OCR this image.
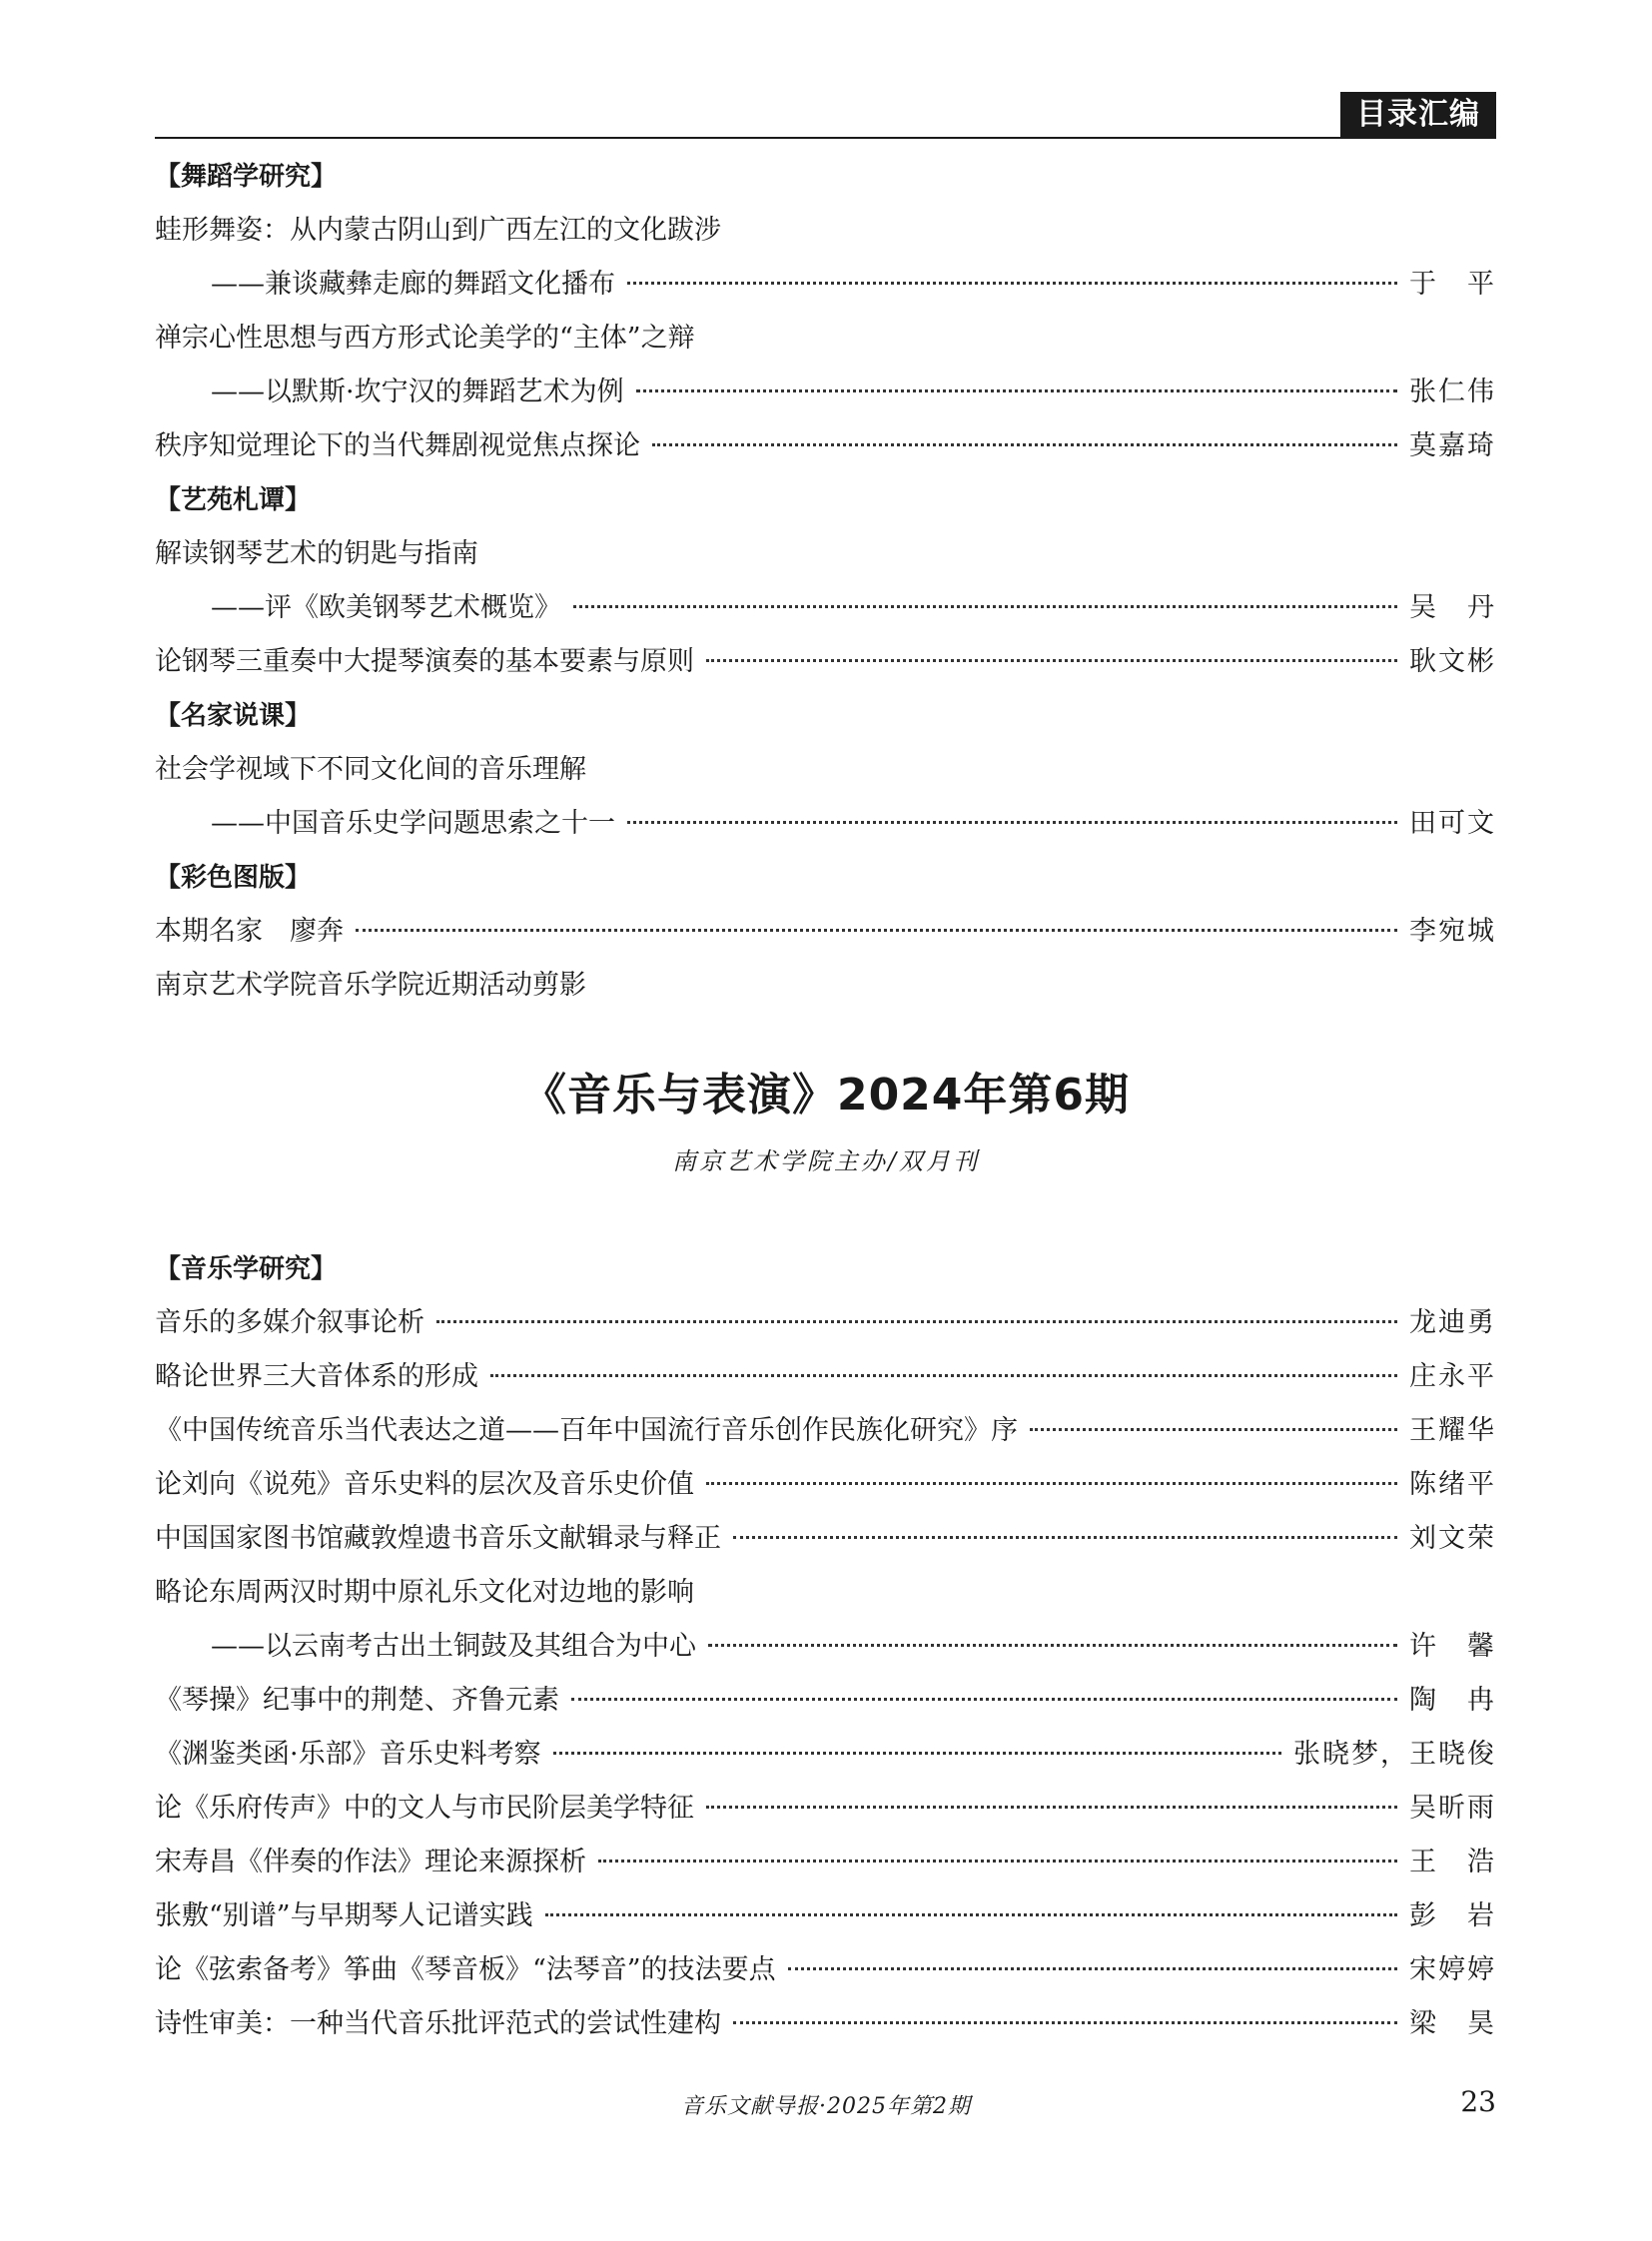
目录汇编
【舞蹈学研究】
蛙形舞姿：从内蒙古阴山到广西左江的文化跋涉
——兼谈藏彝走廊的舞蹈文化播布	于　平
禅宗心性思想与西方形式论美学的“主体”之辩
——以默斯·坎宁汉的舞蹈艺术为例	张仁伟
秩序知觉理论下的当代舞剧视觉焦点探论	莫嘉琦
【艺苑札谭】
解读钢琴艺术的钥匙与指南
——评《欧美钢琴艺术概览》	吴　丹
论钢琴三重奏中大提琴演奏的基本要素与原则	耿文彬
【名家说课】
社会学视域下不同文化间的音乐理解
——中国音乐史学问题思索之十一	田可文
【彩色图版】
本期名家　廖奔	李宛城
南京艺术学院音乐学院近期活动剪影
《音乐与表演》2024年第6期
南京艺术学院主办/双月刊
【音乐学研究】
音乐的多媒介叙事论析	龙迪勇
略论世界三大音体系的形成	庄永平
《中国传统音乐当代表达之道——百年中国流行音乐创作民族化研究》序	王耀华
论刘向《说苑》音乐史料的层次及音乐史价值	陈绪平
中国国家图书馆藏敦煌遗书音乐文献辑录与释正	刘文荣
略论东周两汉时期中原礼乐文化对边地的影响
——以云南考古出土铜鼓及其组合为中心	许　馨
《琴操》纪事中的荆楚、齐鲁元素	陶　冉
《渊鉴类函·乐部》音乐史料考察	张晓梦，王晓俊
论《乐府传声》中的文人与市民阶层美学特征	吴昕雨
宋寿昌《伴奏的作法》理论来源探析	王　浩
张敷“别谱”与早期琴人记谱实践	彭　岩
论《弦索备考》筝曲《琴音板》“法琴音”的技法要点	宋婷婷
诗性审美：一种当代音乐批评范式的尝试性建构	梁　昊
音乐文献导报·2025年第2期	23
